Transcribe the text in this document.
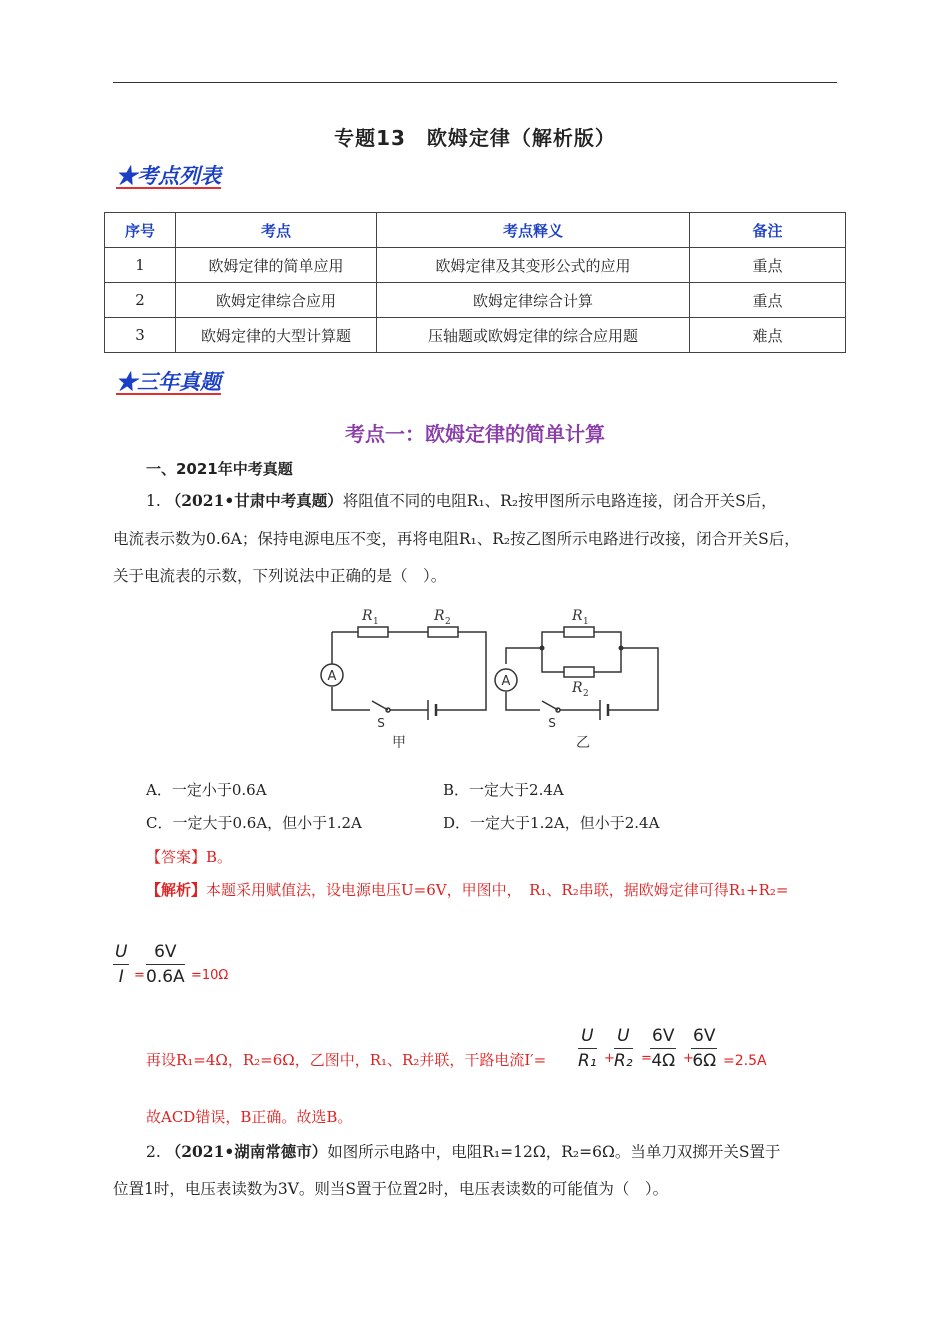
专题13　欧姆定律（解析版）
★考点列表
序号	考点	考点释义	备注
1	欧姆定律的简单应用	欧姆定律及其变形公式的应用	重点
2	欧姆定律综合应用	欧姆定律综合计算	重点
3	欧姆定律的大型计算题	压轴题或欧姆定律的综合应用题	难点
★三年真题
考点一：欧姆定律的简单计算
一、2021年中考真题
1. （2021•甘肃中考真题）将阻值不同的电阻R₁、R₂按甲图所示电路连接，闭合开关S后，
电流表示数为0.6A；保持电源电压不变，再将电阻R₁、R₂按乙图所示电路进行改接，闭合开关S后，
关于电流表的示数，下列说法中正确的是（　）。
R 1	R 2
A
S
甲
R 1
R 2
A
S
乙
A．一定小于0.6A	B．一定大于2.4A
C．一定大于0.6A，但小于1.2A	D．一定大于1.2A，但小于2.4A
【答案】B。
【解析】本题采用赋值法，设电源电压U=6V，甲图中，　R₁、R₂串联，据欧姆定律可得R₁+R₂=
$\frac{U}{I} = \frac{6V}{0.6A} =10\Omega$
再设R₁=4Ω，R₂=6Ω，乙图中，R₁、R₂并联，干路电流$I'= \frac{U}{\text{R₁}} + \frac{U}{\text{R₂}}$ =
$\frac{6V}{4\Omega}$ +
$\frac{6V}{6\Omega} =2.5A$
故ACD错误，B正确。故选B。
2. （2021•湖南常德市）如图所示电路中，电阻R₁=12Ω，R₂=6Ω。当单刀双掷开关S置于
位置1时，电压表读数为3V。则当S置于位置2时，电压表读数的可能值为（　）。
